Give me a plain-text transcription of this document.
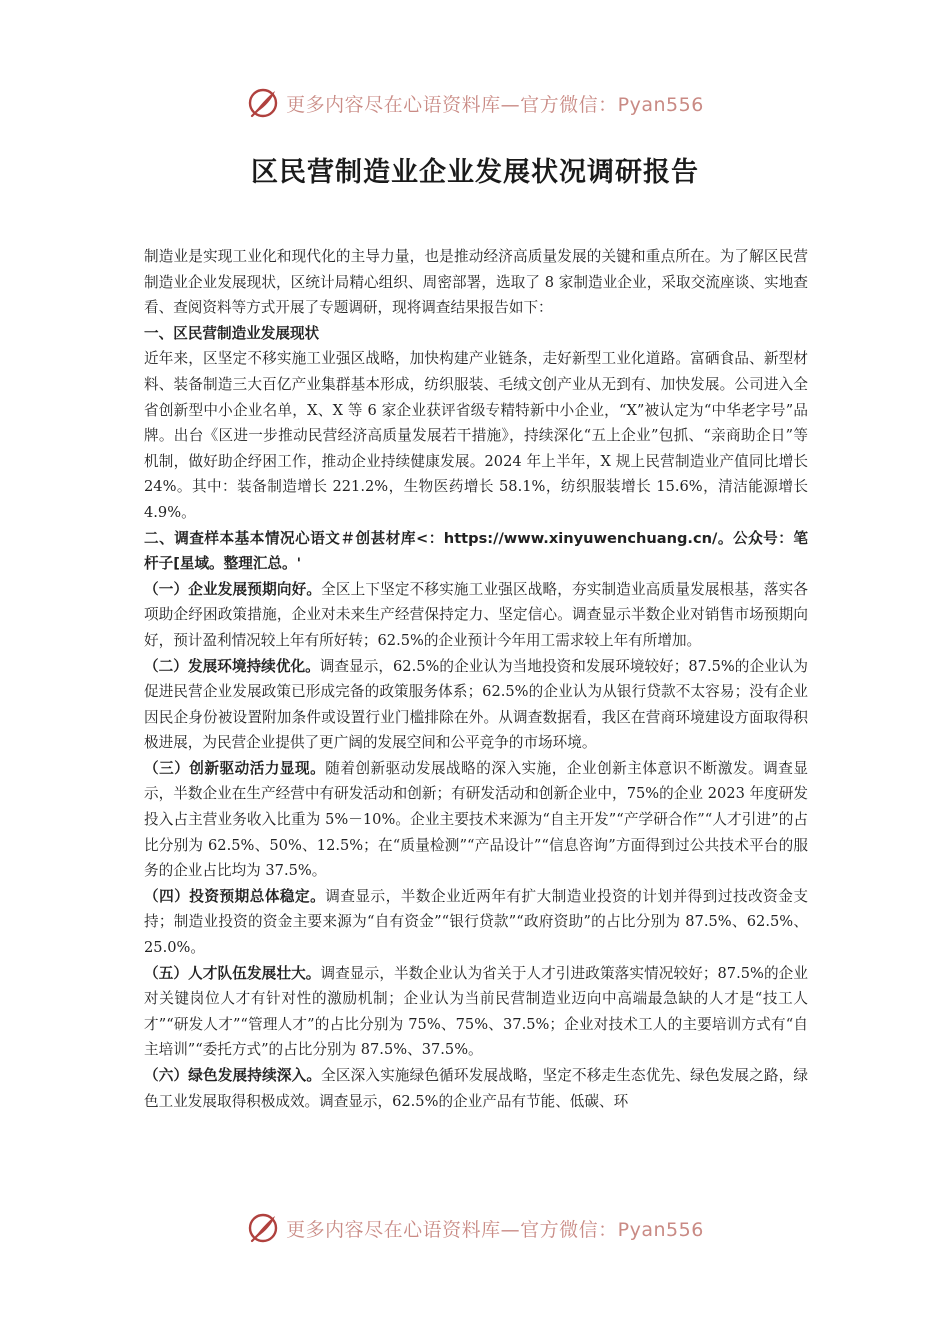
更多内容尽在心语资料库—官方微信：Pyan556
区民营制造业企业发展状况调研报告

制造业是实现工业化和现代化的主导力量，也是推动经济高质量发展的关键和重点所在。为了解区民营制造业企业发展现状，区统计局精心组织、周密部署，选取了 8 家制造业企业，采取交流座谈、实地查看、查阅资料等方式开展了专题调研，现将调查结果报告如下：

一、区民营制造业发展现状

近年来，区坚定不移实施工业强区战略，加快构建产业链条，走好新型工业化道路。富硒食品、新型材料、装备制造三大百亿产业集群基本形成，纺织服装、毛绒文创产业从无到有、加快发展。公司进入全省创新型中小企业名单，X、X 等 6 家企业获评省级专精特新中小企业，“X”被认定为“中华老字号”品牌。出台《区进一步推动民营经济高质量发展若干措施》，持续深化“五上企业”包抓、“亲商助企日”等机制，做好助企纾困工作，推动企业持续健康发展。2024 年上半年，X 规上民营制造业产值同比增长 24%。其中：装备制造增长 221.2%，生物医药增长 58.1%，纺织服装增长 15.6%，清洁能源增长 4.9%。

二、调查样本基本情况心语文＃创甚材库<：https://www.xinyuwenchuang.cn/。公众号：笔杆子[星域。整理汇总。'

（一）企业发展预期向好。全区上下坚定不移实施工业强区战略，夯实制造业高质量发展根基，落实各项助企纾困政策措施，企业对未来生产经营保持定力、坚定信心。调查显示半数企业对销售市场预期向好，预计盈利情况较上年有所好转；62.5%的企业预计今年用工需求较上年有所增加。

（二）发展环境持续优化。调查显示，62.5%的企业认为当地投资和发展环境较好；87.5%的企业认为促进民营企业发展政策已形成完备的政策服务体系；62.5%的企业认为从银行贷款不太容易；没有企业因民企身份被设置附加条件或设置行业门槛排除在外。从调查数据看，我区在营商环境建设方面取得积极进展，为民营企业提供了更广阔的发展空间和公平竞争的市场环境。

（三）创新驱动活力显现。随着创新驱动发展战略的深入实施，企业创新主体意识不断激发。调查显示，半数企业在生产经营中有研发活动和创新；有研发活动和创新企业中，75%的企业 2023 年度研发投入占主营业务收入比重为 5%－10%。企业主要技术来源为“自主开发”“产学研合作”“人才引进”的占比分别为 62.5%、50%、12.5%；在“质量检测”“产品设计”“信息咨询”方面得到过公共技术平台的服务的企业占比均为 37.5%。

（四）投资预期总体稳定。调查显示，半数企业近两年有扩大制造业投资的计划并得到过技改资金支持；制造业投资的资金主要来源为“自有资金”“银行贷款”“政府资助”的占比分别为 87.5%、62.5%、25.0%。

（五）人才队伍发展壮大。调查显示，半数企业认为省关于人才引进政策落实情况较好；87.5%的企业对关键岗位人才有针对性的激励机制；企业认为当前民营制造业迈向中高端最急缺的人才是“技工人才”“研发人才”“管理人才”的占比分别为 75%、75%、37.5%；企业对技术工人的主要培训方式有“自主培训”“委托方式”的占比分别为 87.5%、37.5%。

（六）绿色发展持续深入。全区深入实施绿色循环发展战略，坚定不移走生态优先、绿色发展之路，绿色工业发展取得积极成效。调查显示，62.5%的企业产品有节能、低碳、环

更多内容尽在心语资料库—官方微信：Pyan556
